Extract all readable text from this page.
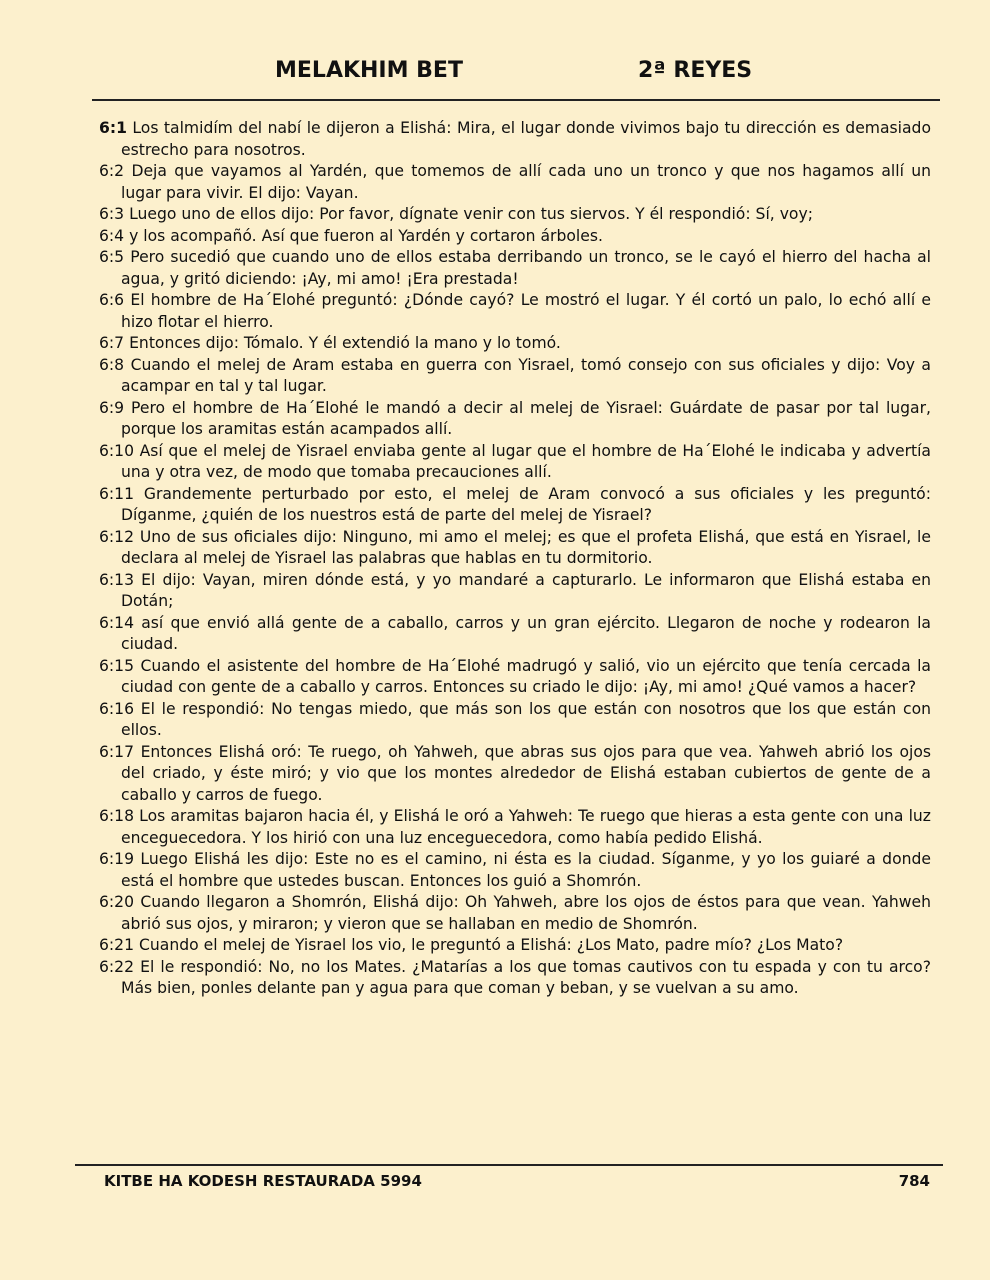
MELAKHIM BET	2ª REYES

6:1 Los talmidím del nabí le dijeron a Elishá: Mira, el lugar donde vivimos bajo tu dirección es demasiado estrecho para nosotros.

6:2 Deja que vayamos al Yardén, que tomemos de allí cada uno un tronco y que nos hagamos allí un lugar para vivir. El dijo: Vayan.

6:3 Luego uno de ellos dijo: Por favor, dígnate venir con tus siervos. Y él respondió: Sí, voy;

6:4 y los acompañó. Así que fueron al Yardén y cortaron árboles.

6:5 Pero sucedió que cuando uno de ellos estaba derribando un tronco, se le cayó el hierro del hacha al agua, y gritó diciendo: ¡Ay, mi amo! ¡Era prestada!

6:6 El hombre de Ha´Elohé preguntó: ¿Dónde cayó? Le mostró el lugar. Y él cortó un palo, lo echó allí e hizo flotar el hierro.

6:7 Entonces dijo: Tómalo. Y él extendió la mano y lo tomó.

6:8 Cuando el melej de Aram estaba en guerra con Yisrael, tomó consejo con sus oficiales y dijo: Voy a acampar en tal y tal lugar.

6:9 Pero el hombre de Ha´Elohé le mandó a decir al melej de Yisrael: Guárdate de pasar por tal lugar, porque los aramitas están acampados allí.

6:10 Así que el melej de Yisrael enviaba gente al lugar que el hombre de Ha´Elohé le indicaba y advertía una y otra vez, de modo que tomaba precauciones allí.

6:11 Grandemente perturbado por esto, el melej de Aram convocó a sus oficiales y les preguntó: Díganme, ¿quién de los nuestros está de parte del melej de Yisrael?

6:12 Uno de sus oficiales dijo: Ninguno, mi amo el melej; es que el profeta Elishá, que está en Yisrael, le declara al melej de Yisrael las palabras que hablas en tu dormitorio.

6:13 El dijo: Vayan, miren dónde está, y yo mandaré a capturarlo. Le informaron que Elishá estaba en Dotán;

6:14 así que envió allá gente de a caballo, carros y un gran ejército. Llegaron de noche y rodearon la ciudad.

6:15 Cuando el asistente del hombre de Ha´Elohé madrugó y salió, vio un ejército que tenía cercada la ciudad con gente de a caballo y carros. Entonces su criado le dijo: ¡Ay, mi amo! ¿Qué vamos a hacer?

6:16 El le respondió: No tengas miedo, que más son los que están con nosotros que los que están con ellos.

6:17 Entonces Elishá oró: Te ruego, oh Yahweh, que abras sus ojos para que vea. Yahweh abrió los ojos del criado, y éste miró; y vio que los montes alrededor de Elishá estaban cubiertos de gente de a caballo y carros de fuego.

6:18 Los aramitas bajaron hacia él, y Elishá le oró a Yahweh: Te ruego que hieras a esta gente con una luz enceguecedora. Y los hirió con una luz enceguecedora, como había pedido Elishá.

6:19 Luego Elishá les dijo: Este no es el camino, ni ésta es la ciudad. Síganme, y yo los guiaré a donde está el hombre que ustedes buscan. Entonces los guió a Shomrón.

6:20 Cuando llegaron a Shomrón, Elishá dijo: Oh Yahweh, abre los ojos de éstos para que vean. Yahweh abrió sus ojos, y miraron; y vieron que se hallaban en medio de Shomrón.

6:21 Cuando el melej de Yisrael los vio, le preguntó a Elishá: ¿Los Mato, padre mío? ¿Los Mato?

6:22 El le respondió: No, no los Mates. ¿Matarías a los que tomas cautivos con tu espada y con tu arco? Más bien, ponles delante pan y agua para que coman y beban, y se vuelvan a su amo.

KITBE HA KODESH RESTAURADA 5994	784
